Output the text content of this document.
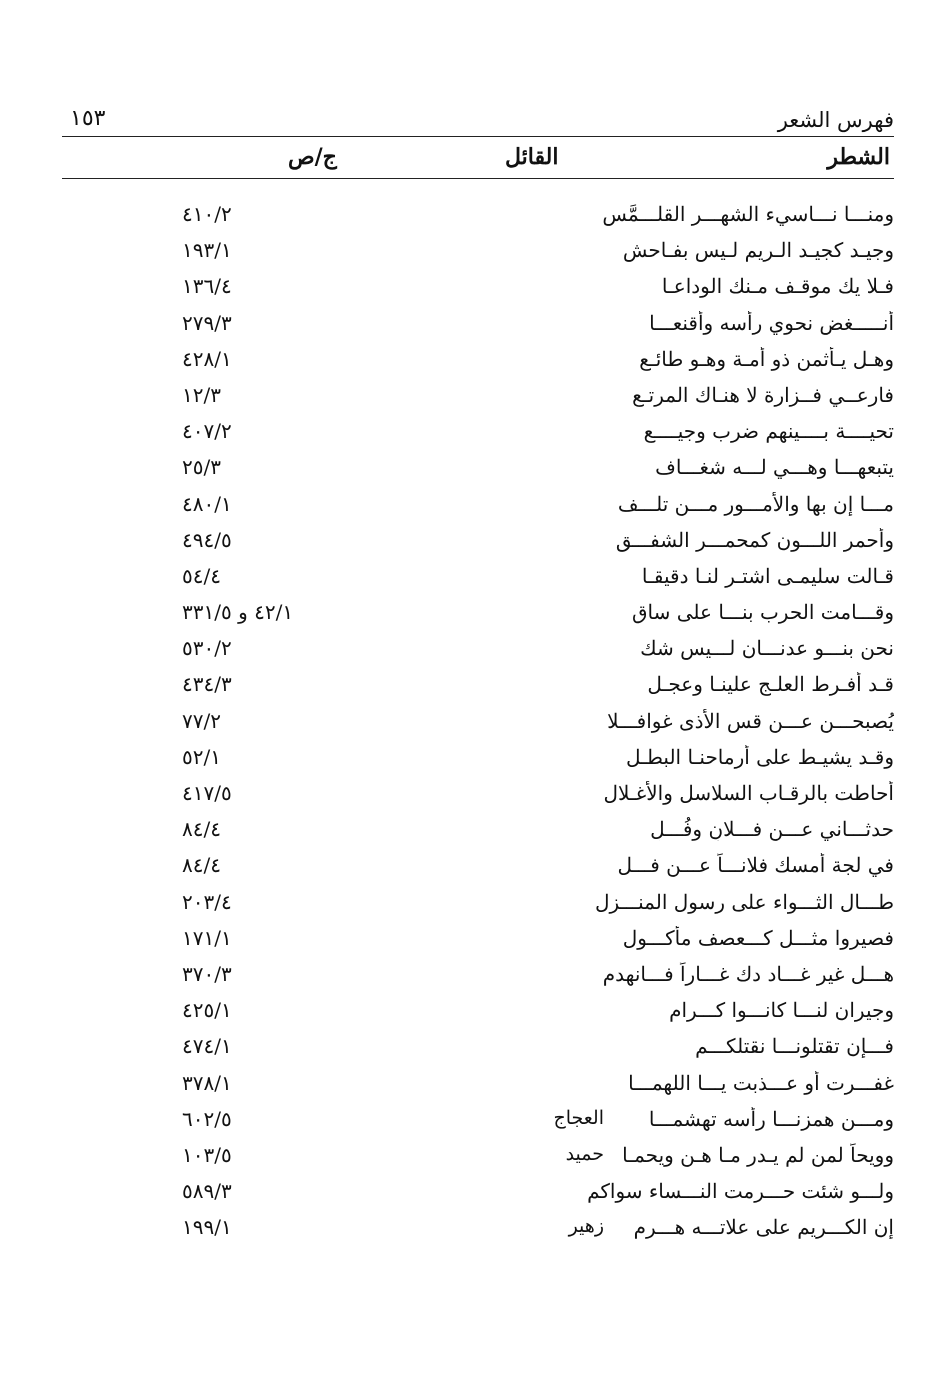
فهرس الشعر
١٥٣
الشطر
القائل
ج/ص
ومنـــا نـــاسيء الشهـــر القلـــمَّس
٤١٠/٢
وجيـد كجيـد الـريم لـيس بفـاحش
١٩٣/١
فـلا يك موقـف مـنك الوداعـا
١٣٦/٤
أنـــــغض نحوي رأسه وأقنعـــا
٢٧٩/٣
وهـل يـأثمن ذو أمـة وهـو طائـع
٤٢٨/١
فارعــي فــزارة لا هنـاك المرتـع
١٢/٣
تحيــــة بــــينهم ضرب وجيــــع
٤٠٧/٢
يتبعهـــا وهـــي لـــه شغـــاف
٢٥/٣
مـــا إن بها والأمـــور مـــن تلـــف
٤٨٠/١
وأحمر اللـــون كمحمـــر الشفـــق
٤٩٤/٥
قـالت سليمـى اشتـر لنـا دقيقـا
٥٤/٤
وقـــامت الحرب بنـــا على ساق
٤٢/١ و ٣٣١/٥
نحن بنـــو عدنـــان لـــيس شك
٥٣٠/٢
قـد أفـرط العلـج علينـا وعجـل
٤٣٤/٣
يُصبحـــن عـــن قس الأذى غوافـــلا
٧٧/٢
وقـد يشيـط على أرماحنـا البطـل
٥٢/١
أحاطت بالرقـاب السلاسل والأغـلال
٤١٧/٥
حدثـــاني عـــن فـــلانٍ وفُـــلِ
٨٤/٤
في لجة أمسك فلانـــاً عـــن فـــل
٨٤/٤
طـــال الثـــواء على رسول المنـــزل
٢٠٣/٤
فصيروا مثـــل كـــعصف مأكـــول
١٧١/١
هـــل غير غـــاد دك غـــاراً فـــانهدم
٣٧٠/٣
وجيران لنـــا كانـــوا كـــرام
٤٢٥/١
فـــإن تقتلونـــا نقتلكـــم
٤٧٤/١
غفـــرت أو عـــذبت يـــا اللهمـــا
٣٧٨/١
ومـــن همزنـــا رأسه تهشمـــا
العجاج
٦٠٢/٥
وويحاً لمن لم يـدر مـا هـن ويحمـا
حميد
١٠٣/٥
ولـــو شئت حـــرمت النـــساء سواكم
٥٨٩/٣
إن الكـــريم على علاتـــه هـــرم
زهير
١٩٩/١
